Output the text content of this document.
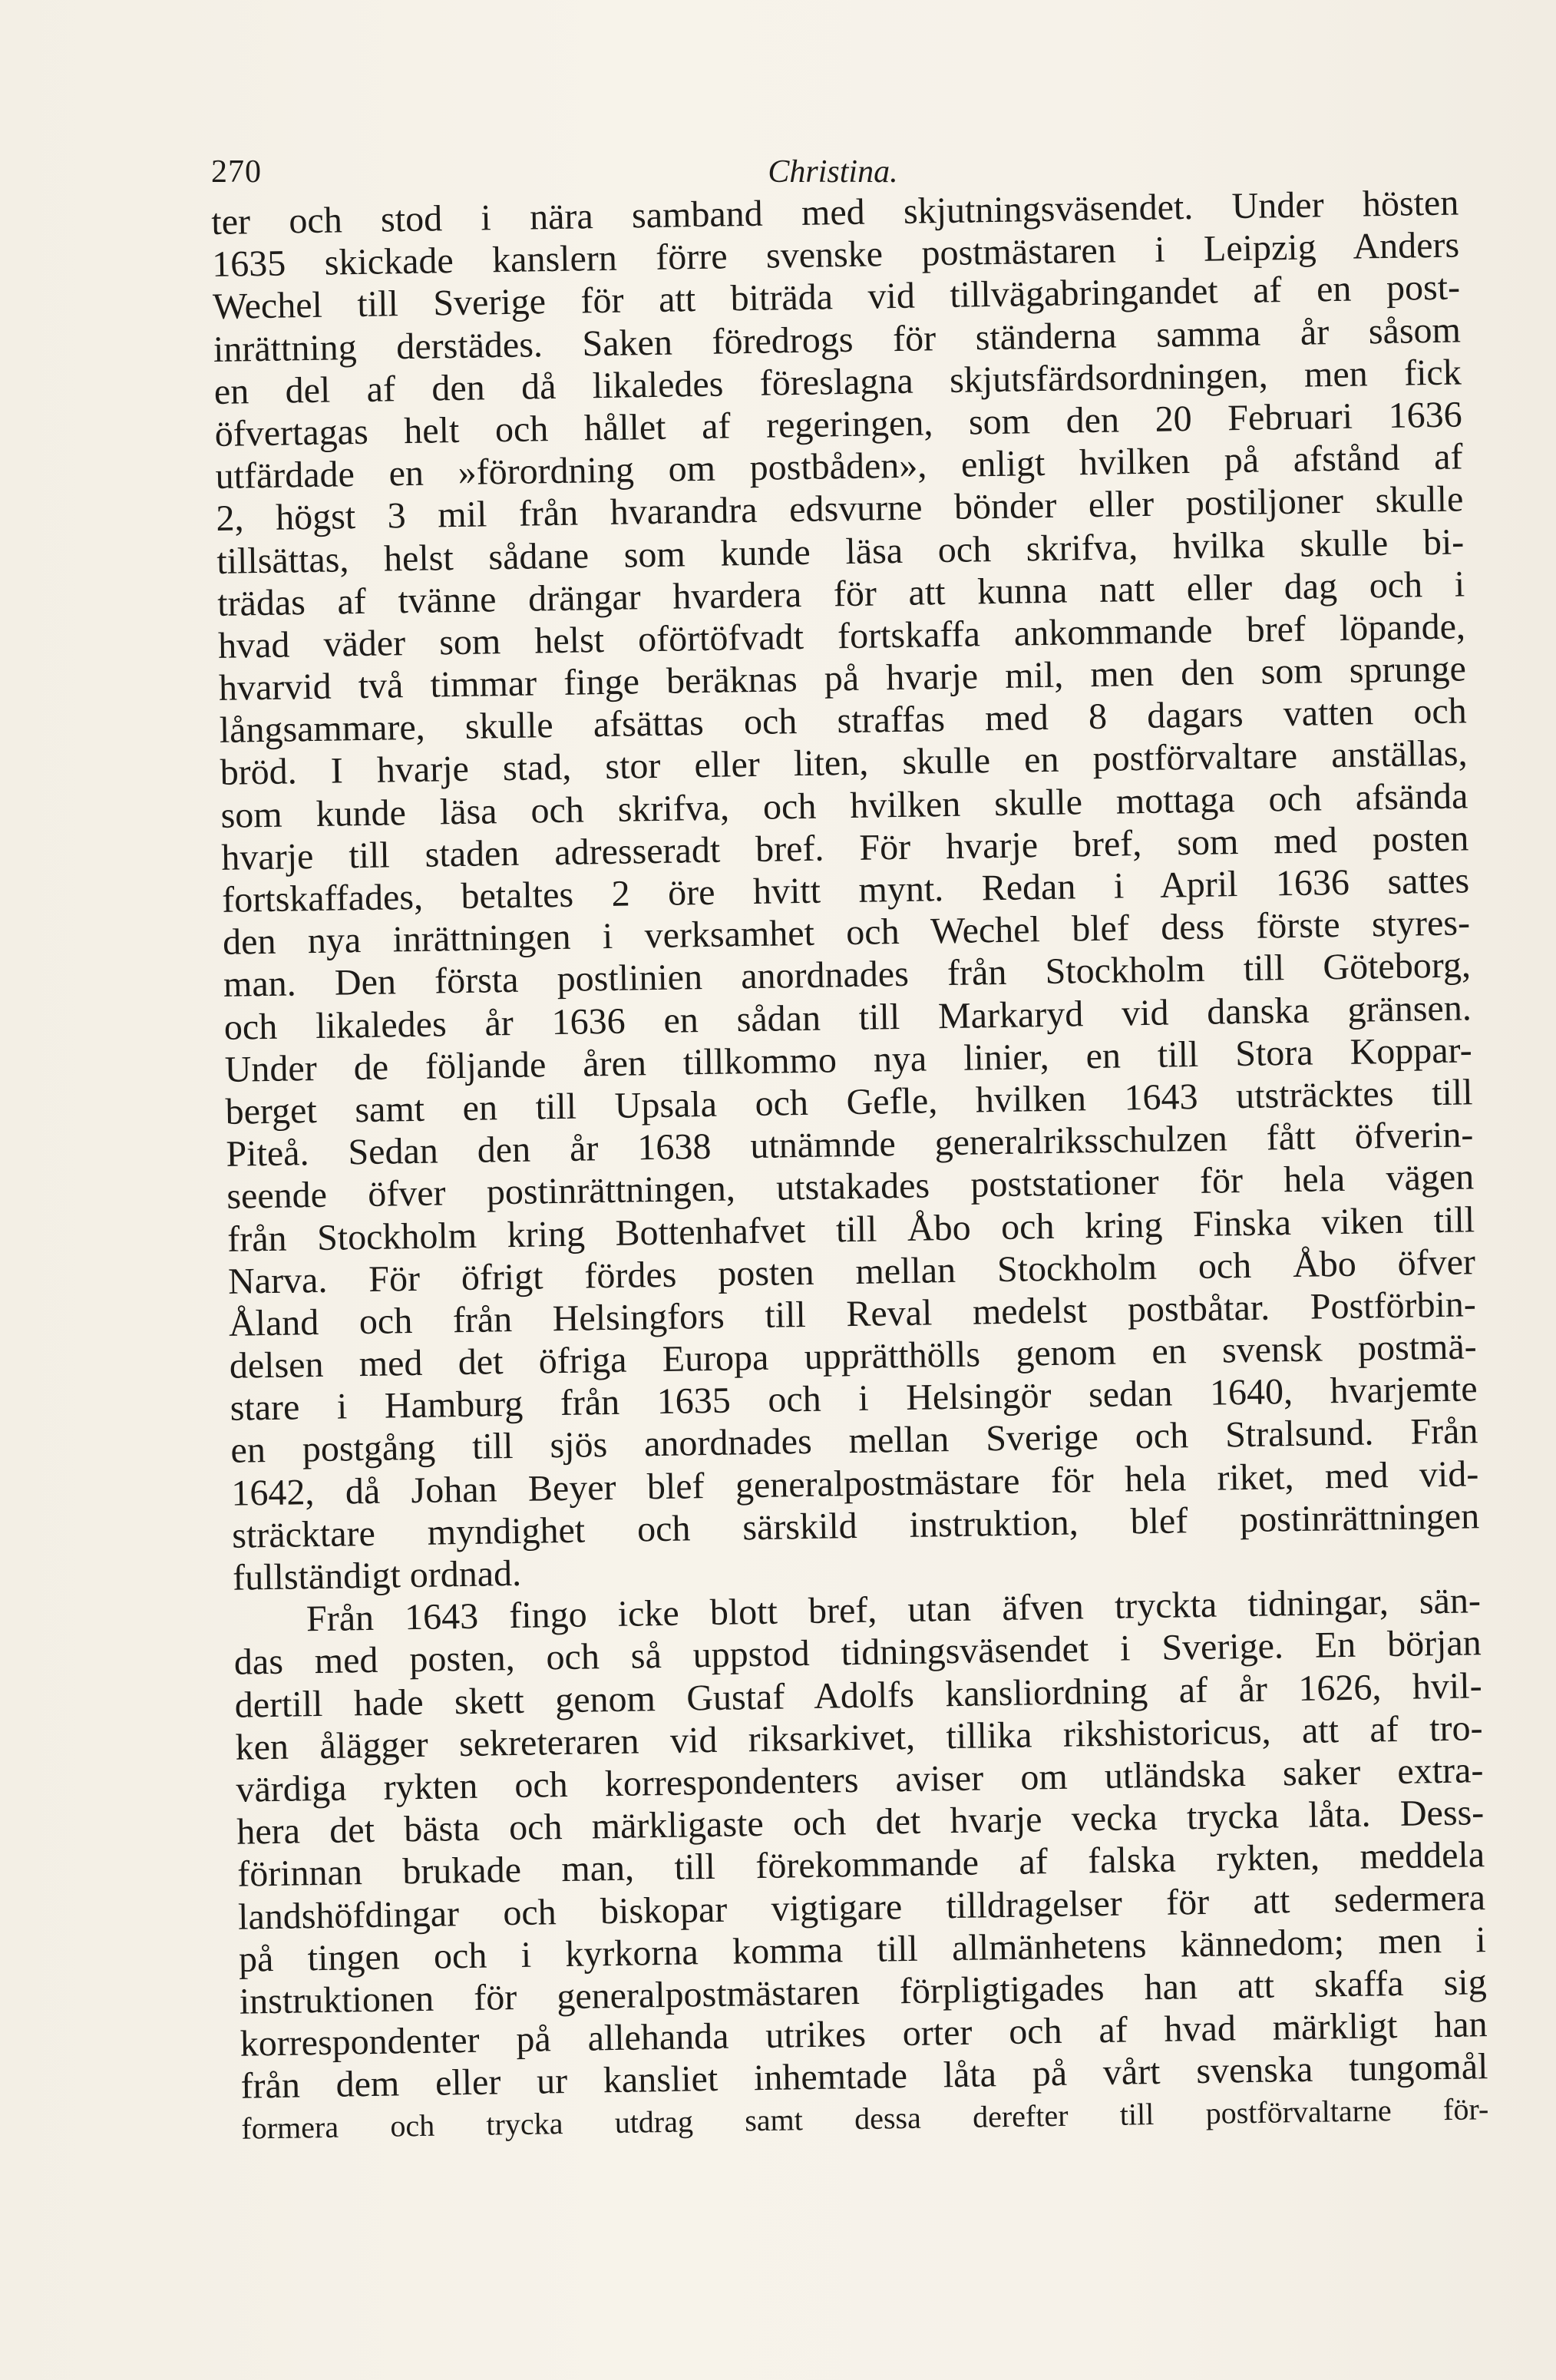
270	Christina.
ter och stod i nära samband med skjutningsväsendet. Under hösten
1635 skickade kanslern förre svenske postmästaren i Leipzig Anders
Wechel till Sverige för att biträda vid tillvägabringandet af en post-
inrättning derstädes. Saken föredrogs för ständerna samma år såsom
en del af den då likaledes föreslagna skjutsfärdsordningen, men fick
öfvertagas helt och hållet af regeringen, som den 20 Februari 1636
utfärdade en »förordning om postbåden», enligt hvilken på afstånd af
2, högst 3 mil från hvarandra edsvurne bönder eller postiljoner skulle
tillsättas, helst sådane som kunde läsa och skrifva, hvilka skulle bi-
trädas af tvänne drängar hvardera för att kunna natt eller dag och i
hvad väder som helst oförtöfvadt fortskaffa ankommande bref löpande,
hvarvid två timmar finge beräknas på hvarje mil, men den som sprunge
långsammare, skulle afsättas och straffas med 8 dagars vatten och
bröd. I hvarje stad, stor eller liten, skulle en postförvaltare anställas,
som kunde läsa och skrifva, och hvilken skulle mottaga och afsända
hvarje till staden adresseradt bref. För hvarje bref, som med posten
fortskaffades, betaltes 2 öre hvitt mynt. Redan i April 1636 sattes
den nya inrättningen i verksamhet och Wechel blef dess förste styres-
man. Den första postlinien anordnades från Stockholm till Göteborg,
och likaledes år 1636 en sådan till Markaryd vid danska gränsen.
Under de följande åren tillkommo nya linier, en till Stora Koppar-
berget samt en till Upsala och Gefle, hvilken 1643 utsträcktes till
Piteå. Sedan den år 1638 utnämnde generalriksschulzen fått öfverin-
seende öfver postinrättningen, utstakades poststationer för hela vägen
från Stockholm kring Bottenhafvet till Åbo och kring Finska viken till
Narva. För öfrigt fördes posten mellan Stockholm och Åbo öfver
Åland och från Helsingfors till Reval medelst postbåtar. Postförbin-
delsen med det öfriga Europa upprätthölls genom en svensk postmä-
stare i Hamburg från 1635 och i Helsingör sedan 1640, hvarjemte
en postgång till sjös anordnades mellan Sverige och Stralsund. Från
1642, då Johan Beyer blef generalpostmästare för hela riket, med vid-
sträcktare myndighet och särskild instruktion, blef postinrättningen
fullständigt ordnad.
Från 1643 fingo icke blott bref, utan äfven tryckta tidningar, sän-
das med posten, och så uppstod tidningsväsendet i Sverige. En början
dertill hade skett genom Gustaf Adolfs kansliordning af år 1626, hvil-
ken ålägger sekreteraren vid riksarkivet, tillika rikshistoricus, att af tro-
värdiga rykten och korrespondenters aviser om utländska saker extra-
hera det bästa och märkligaste och det hvarje vecka trycka låta. Dess-
förinnan brukade man, till förekommande af falska rykten, meddela
landshöfdingar och biskopar vigtigare tilldragelser för att sedermera
på tingen och i kyrkorna komma till allmänhetens kännedom; men i
instruktionen för generalpostmästaren förpligtigades han att skaffa sig
korrespondenter på allehanda utrikes orter och af hvad märkligt han
från dem eller ur kansliet inhemtade låta på vårt svenska tungomål
formera och trycka utdrag samt dessa derefter till postförvaltarne för-
